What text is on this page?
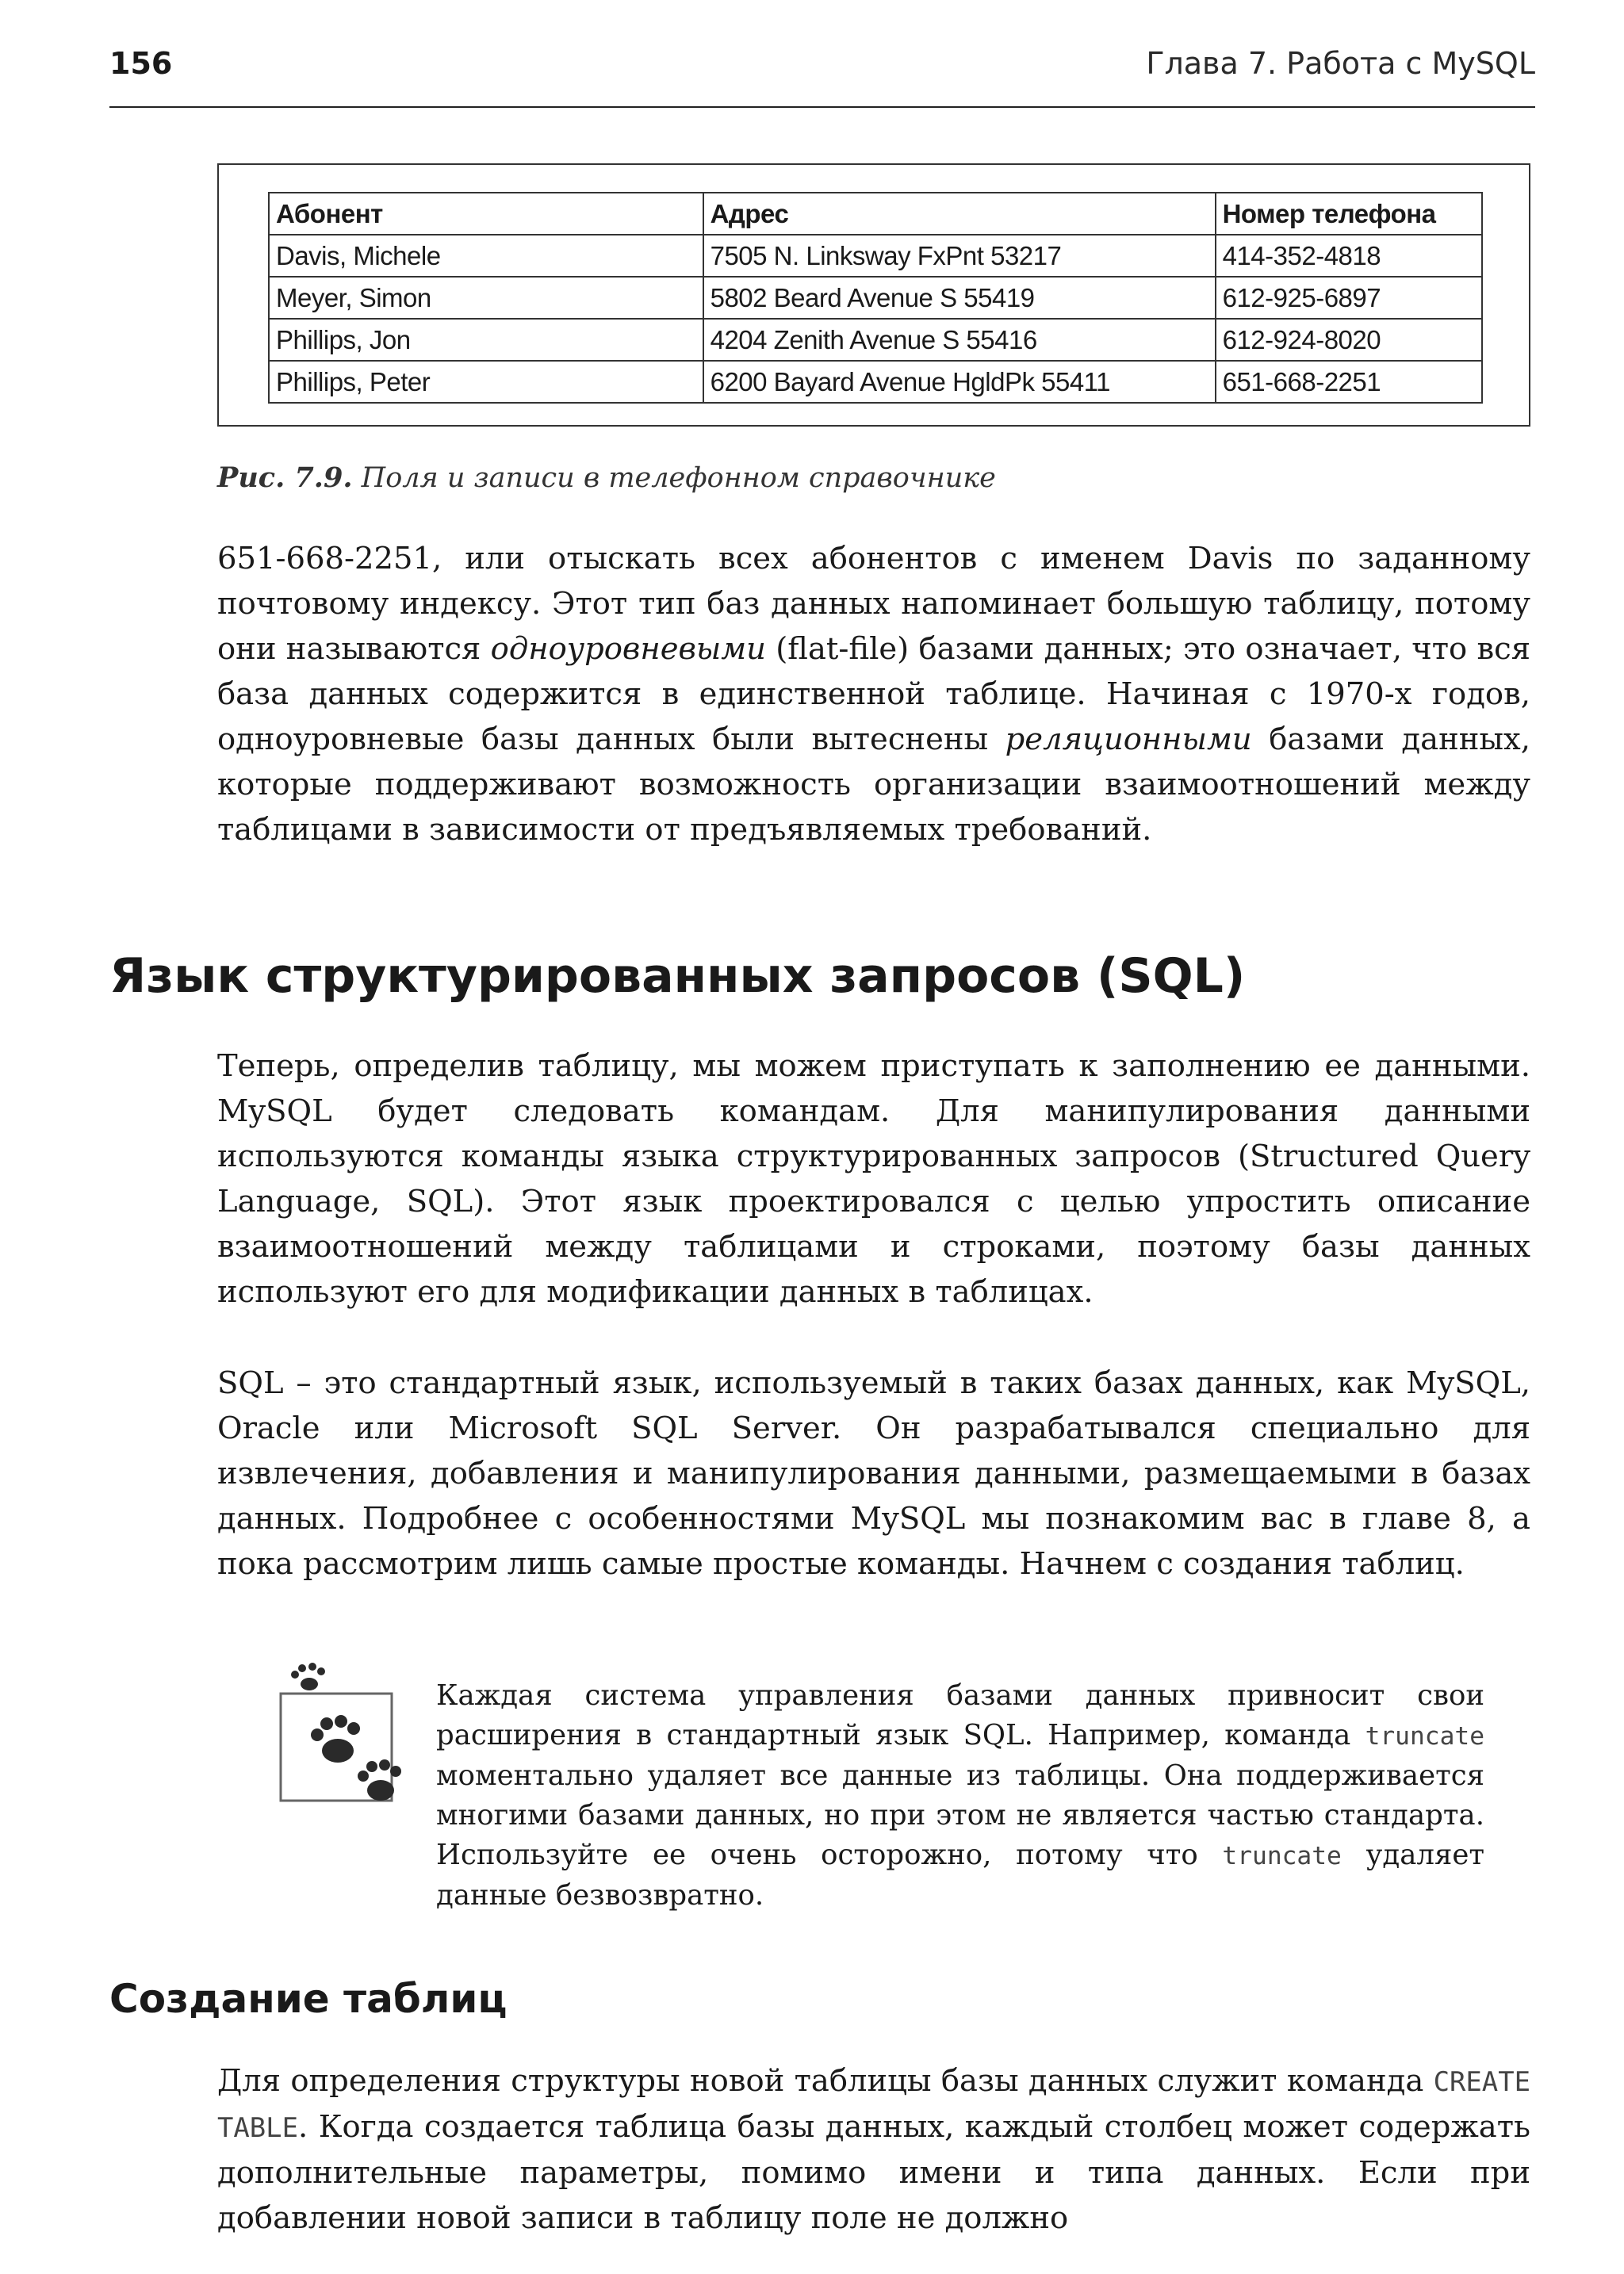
156	Глава 7. Работа с MySQL
Абонент	Адрес	Номер телефона
Davis, Michele	7505 N. Linksway FxPnt 53217	414-352-4818
Meyer, Simon	5802 Beard Avenue S 55419	612-925-6897
Phillips, Jon	4204 Zenith Avenue S 55416	612-924-8020
Phillips, Peter	6200 Bayard Avenue HgldPk 55411	651-668-2251
Рис. 7.9. Поля и записи в телефонном справочнике

651-668-2251, или отыскать всех абонентов с именем Davis по заданному почтовому индексу. Этот тип баз данных напоминает большую таблицу, потому они называются одноуровневыми (flat-file) базами данных; это означает, что вся база данных содержится в единственной таблице. Начиная с 1970-х годов, одноуровневые базы данных были вытеснены реляционными базами данных, которые поддерживают возможность организации взаимоотношений между таблицами в зависимости от предъявляемых требований.

Язык структурированных запросов (SQL)

Теперь, определив таблицу, мы можем приступать к заполнению ее данными. MySQL будет следовать командам. Для манипулирования данными используются команды языка структурированных запросов (Structured Query Language, SQL). Этот язык проектировался с целью упростить описание взаимоотношений между таблицами и строками, поэтому базы данных используют его для модификации данных в таблицах.

SQL – это стандартный язык, используемый в таких базах данных, как MySQL, Oracle или Microsoft SQL Server. Он разрабатывался специально для извлечения, добавления и манипулирования данными, размещаемыми в базах данных. Подробнее с особенностями MySQL мы познакомим вас в главе 8, а пока рассмотрим лишь самые простые команды. Начнем с создания таблиц.

Каждая система управления базами данных привносит свои расширения в стандартный язык SQL. Например, команда truncate моментально удаляет все данные из таблицы. Она поддерживается многими базами данных, но при этом не является частью стандарта. Используйте ее очень осторожно, потому что truncate удаляет данные безвозвратно.

Создание таблиц

Для определения структуры новой таблицы базы данных служит команда CREATE TABLE. Когда создается таблица базы данных, каждый столбец может содержать дополнительные параметры, помимо имени и типа данных. Если при добавлении новой записи в таблицу поле не должно
